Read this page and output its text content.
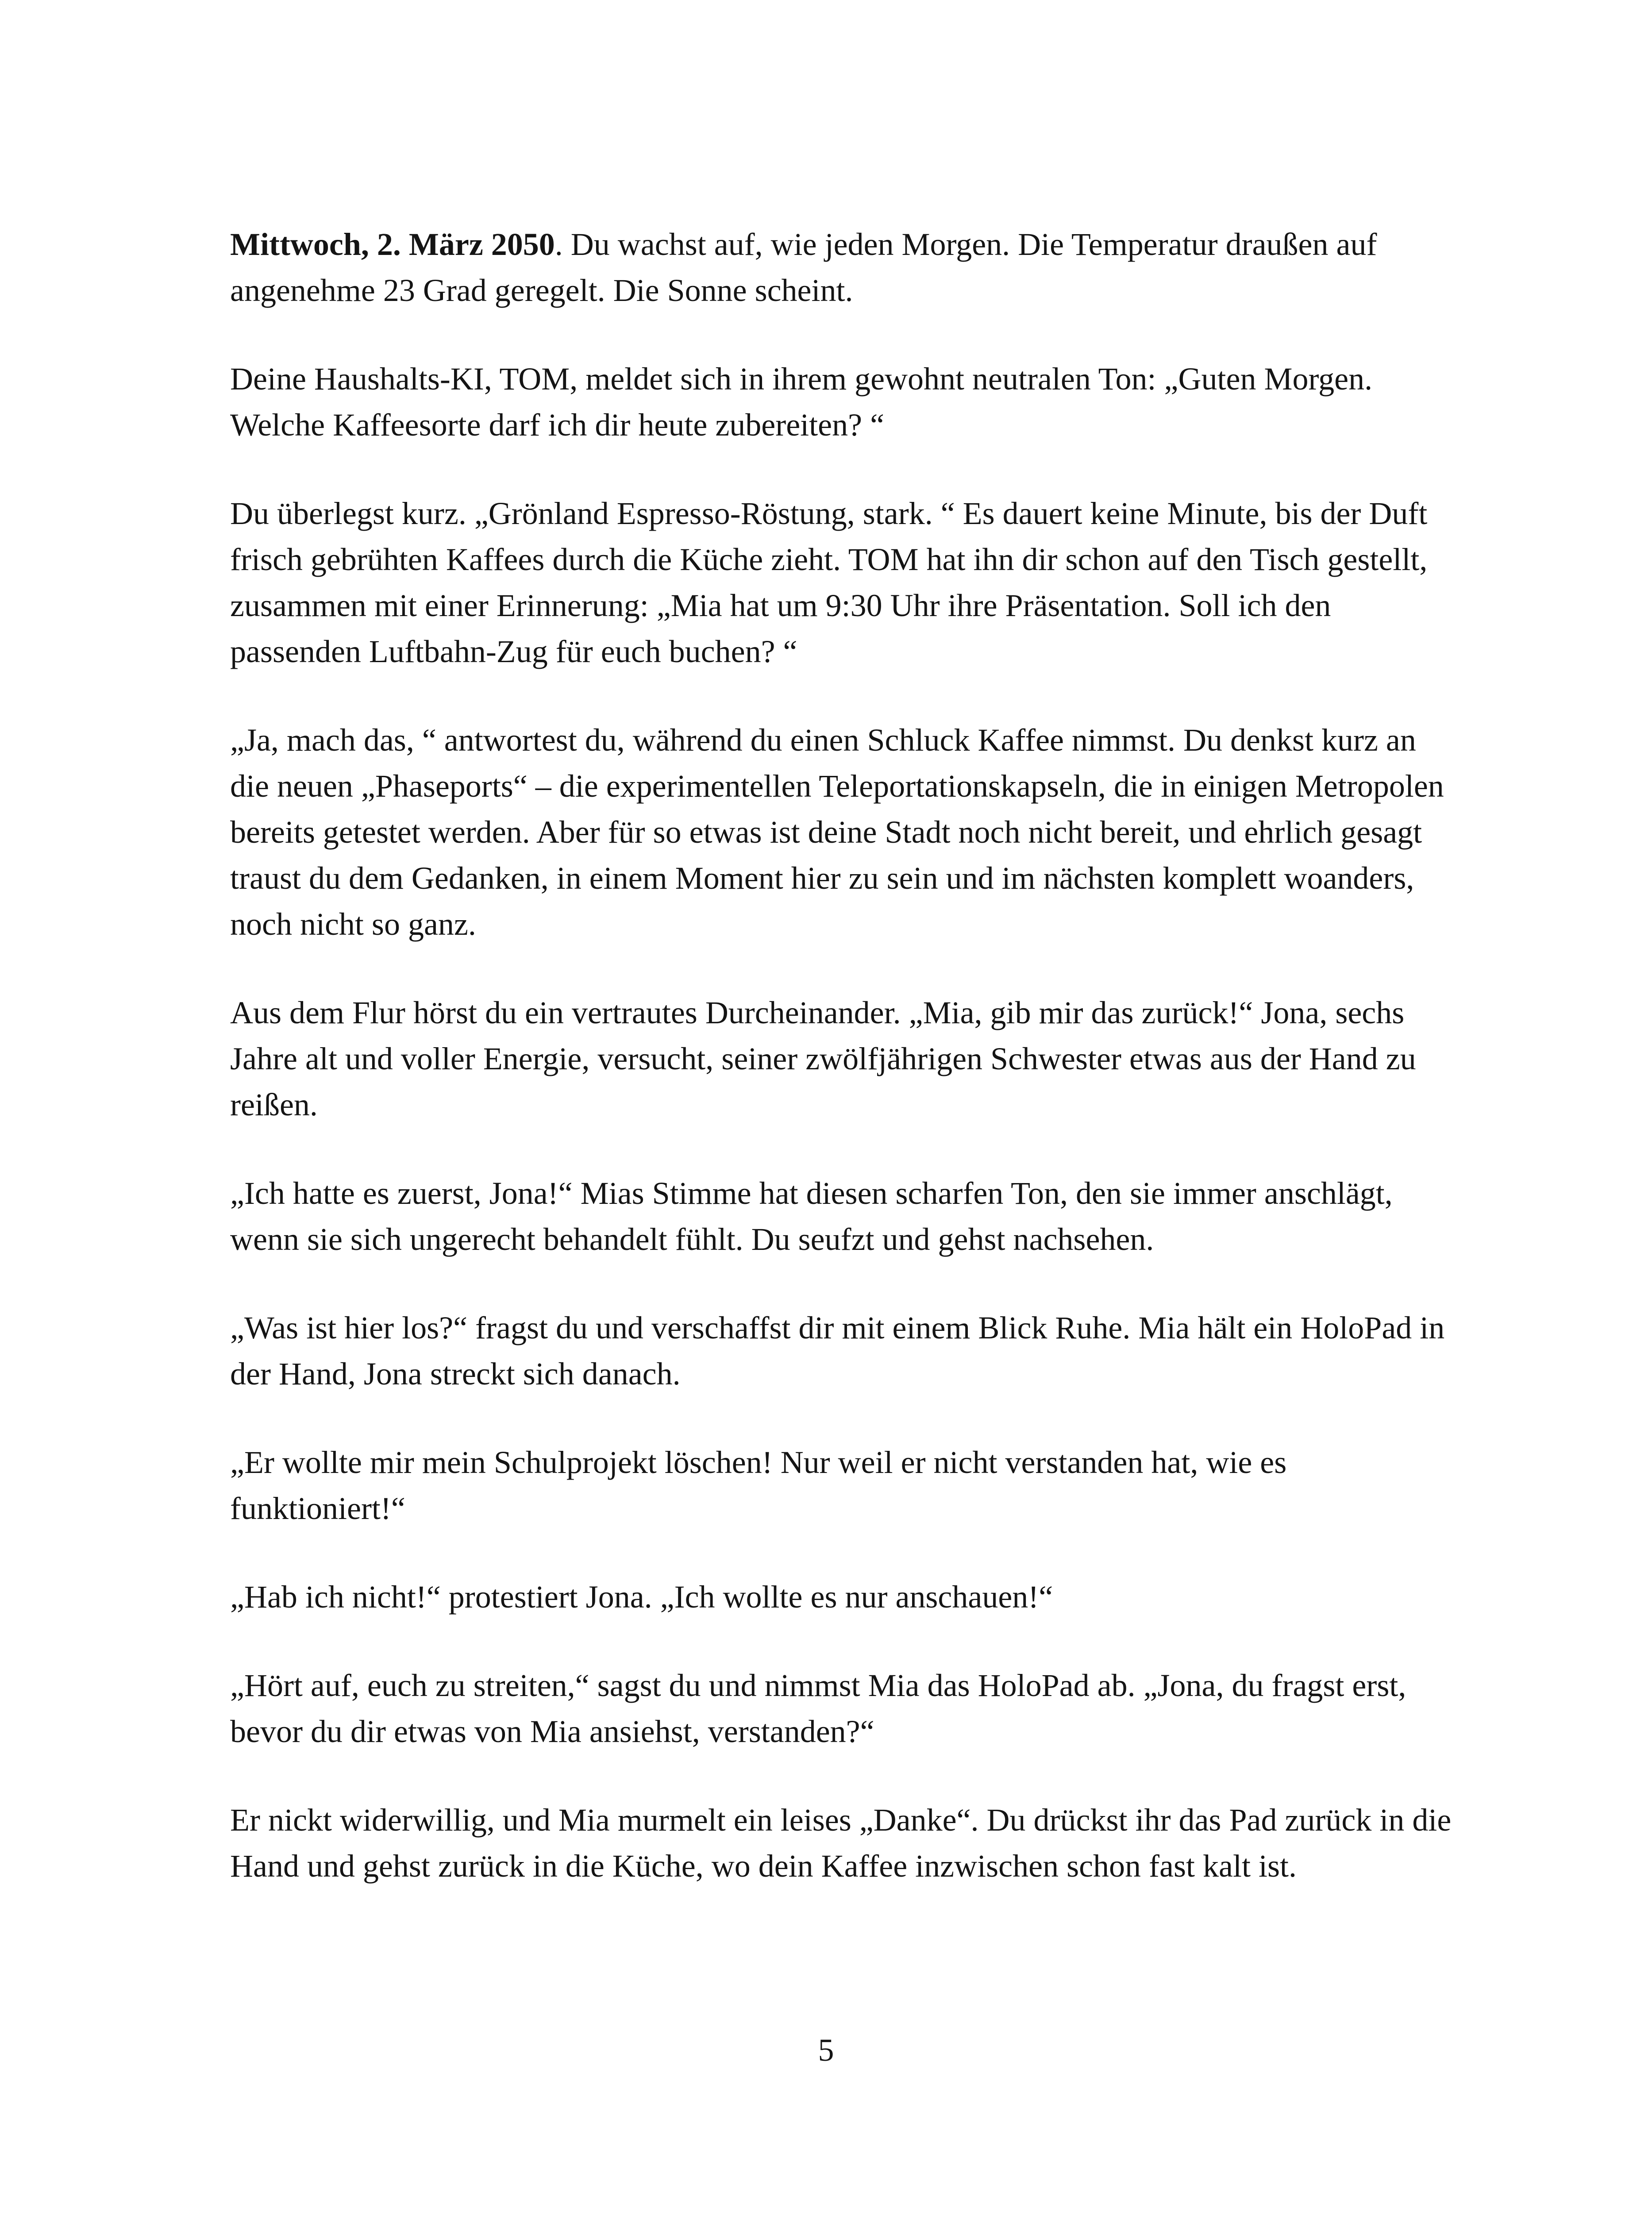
Mittwoch, 2. März 2050. Du wachst auf, wie jeden Morgen. Die Temperatur draußen auf angenehme 23 Grad geregelt. Die Sonne scheint.

Deine Haushalts-KI, TOM, meldet sich in ihrem gewohnt neutralen Ton: „Guten Morgen. Welche Kaffeesorte darf ich dir heute zubereiten? “

Du überlegst kurz. „Grönland Espresso-Röstung, stark. “ Es dauert keine Minute, bis der Duft frisch gebrühten Kaffees durch die Küche zieht. TOM hat ihn dir schon auf den Tisch gestellt, zusammen mit einer Erinnerung: „Mia hat um 9:30 Uhr ihre Präsentation. Soll ich den passenden Luftbahn-Zug für euch buchen? “

„Ja, mach das, “ antwortest du, während du einen Schluck Kaffee nimmst. Du denkst kurz an die neuen „Phaseports“ – die experimentellen Teleportationskapseln, die in einigen Metropolen bereits getestet werden. Aber für so etwas ist deine Stadt noch nicht bereit, und ehrlich gesagt traust du dem Gedanken, in einem Moment hier zu sein und im nächsten komplett woanders, noch nicht so ganz.

Aus dem Flur hörst du ein vertrautes Durcheinander. „Mia, gib mir das zurück!“ Jona, sechs Jahre alt und voller Energie, versucht, seiner zwölfjährigen Schwester etwas aus der Hand zu reißen.

„Ich hatte es zuerst, Jona!“ Mias Stimme hat diesen scharfen Ton, den sie immer anschlägt, wenn sie sich ungerecht behandelt fühlt. Du seufzt und gehst nachsehen.

„Was ist hier los?“ fragst du und verschaffst dir mit einem Blick Ruhe. Mia hält ein HoloPad in der Hand, Jona streckt sich danach.

„Er wollte mir mein Schulprojekt löschen! Nur weil er nicht verstanden hat, wie es funktioniert!“

„Hab ich nicht!“ protestiert Jona. „Ich wollte es nur anschauen!“

„Hört auf, euch zu streiten,“ sagst du und nimmst Mia das HoloPad ab. „Jona, du fragst erst, bevor du dir etwas von Mia ansiehst, verstanden?“

Er nickt widerwillig, und Mia murmelt ein leises „Danke“. Du drückst ihr das Pad zurück in die Hand und gehst zurück in die Küche, wo dein Kaffee inzwischen schon fast kalt ist.

5
